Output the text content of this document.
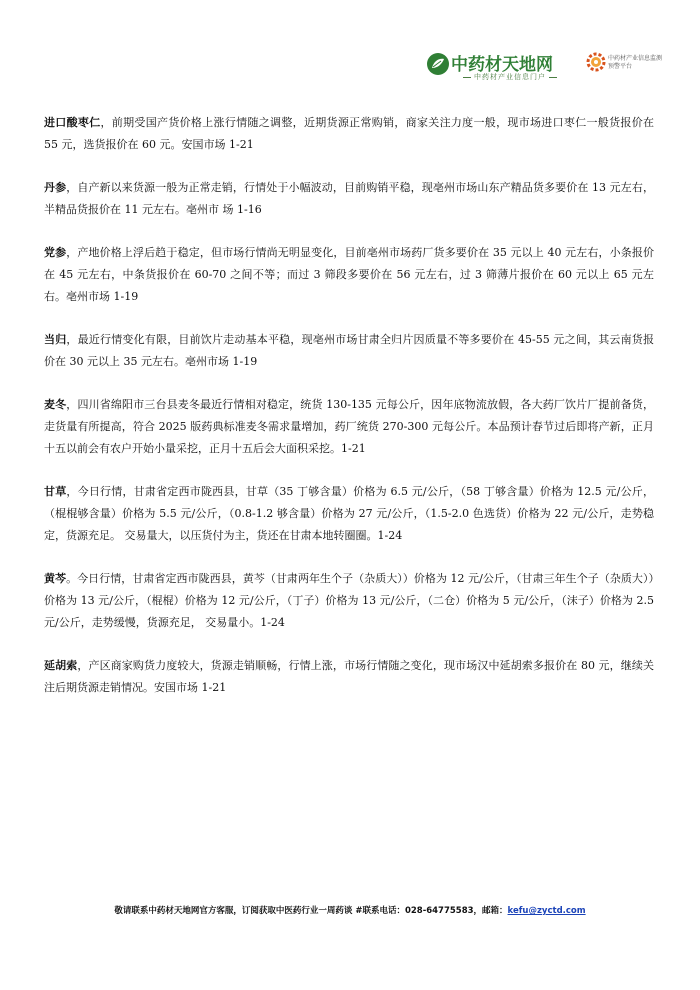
中药材天地网
中药材产业信息门户
中药材产业信息监测预警平台

进口酸枣仁，前期受国产货价格上涨行情随之调整，近期货源正常购销，商家关注力度一般，现市场进口枣仁一般货报价在 55 元，选货报价在 60 元。安国市场 1-21

丹参，自产新以来货源一般为正常走销，行情处于小幅波动，目前购销平稳，现亳州市场山东产精品货多要价在 13 元左右，半精品货报价在 11 元左右。亳州市 场 1-16

党参，产地价格上浮后趋于稳定，但市场行情尚无明显变化，目前亳州市场药厂货多要价在 35 元以上 40 元左右，小条报价在 45 元左右，中条货报价在 60-70 之间不等；而过 3 筛段多要价在 56 元左右，过 3 筛薄片报价在 60 元以上 65 元左右。亳州市场 1-19

当归，最近行情变化有限，目前饮片走动基本平稳，现亳州市场甘肃全归片因质量不等多要价在 45-55 元之间，其云南货报价在 30 元以上 35 元左右。亳州市场 1-19

麦冬，四川省绵阳市三台县麦冬最近行情相对稳定，统货 130-135 元每公斤，因年底物流放假，各大药厂饮片厂提前备货，走货量有所提高，符合 2025 版药典标准麦冬需求量增加，药厂统货 270-300 元每公斤。本品预计春节过后即将产新，正月十五以前会有农户开始小量采挖，正月十五后会大面积采挖。1-21

甘草，今日行情，甘肃省定西市陇西县，甘草（35 丁够含量）价格为 6.5 元/公斤，（58 丁够含量）价格为 12.5 元/公斤，（棍棍够含量）价格为 5.5 元/公斤，（0.8-1.2 够含量）价格为 27 元/公斤，（1.5-2.0 色选货）价格为 22 元/公斤，走势稳定，货源充足。 交易量大，以压货付为主，货还在甘肃本地转圈圈。1-24

黄芩。今日行情，甘肃省定西市陇西县，黄芩（甘肃两年生个子（杂质大））价格为 12 元/公斤，（甘肃三年生个子（杂质大））价格为 13 元/公斤，（棍棍）价格为 12 元/公斤，（丁子）价格为 13 元/公斤，（二仓）价格为 5 元/公斤，（沫子）价格为 2.5 元/公斤，走势缓慢，货源充足， 交易量小。1-24

延胡索，产区商家购货力度较大，货源走销顺畅，行情上涨，市场行情随之变化，现市场汉中延胡索多报价在 80 元，继续关注后期货源走销情况。安国市场 1-21

敬请联系中药材天地网官方客服，订阅获取中医药行业一周药谈 #联系电话：028-64775583，邮箱：kefu@zyctd.com
